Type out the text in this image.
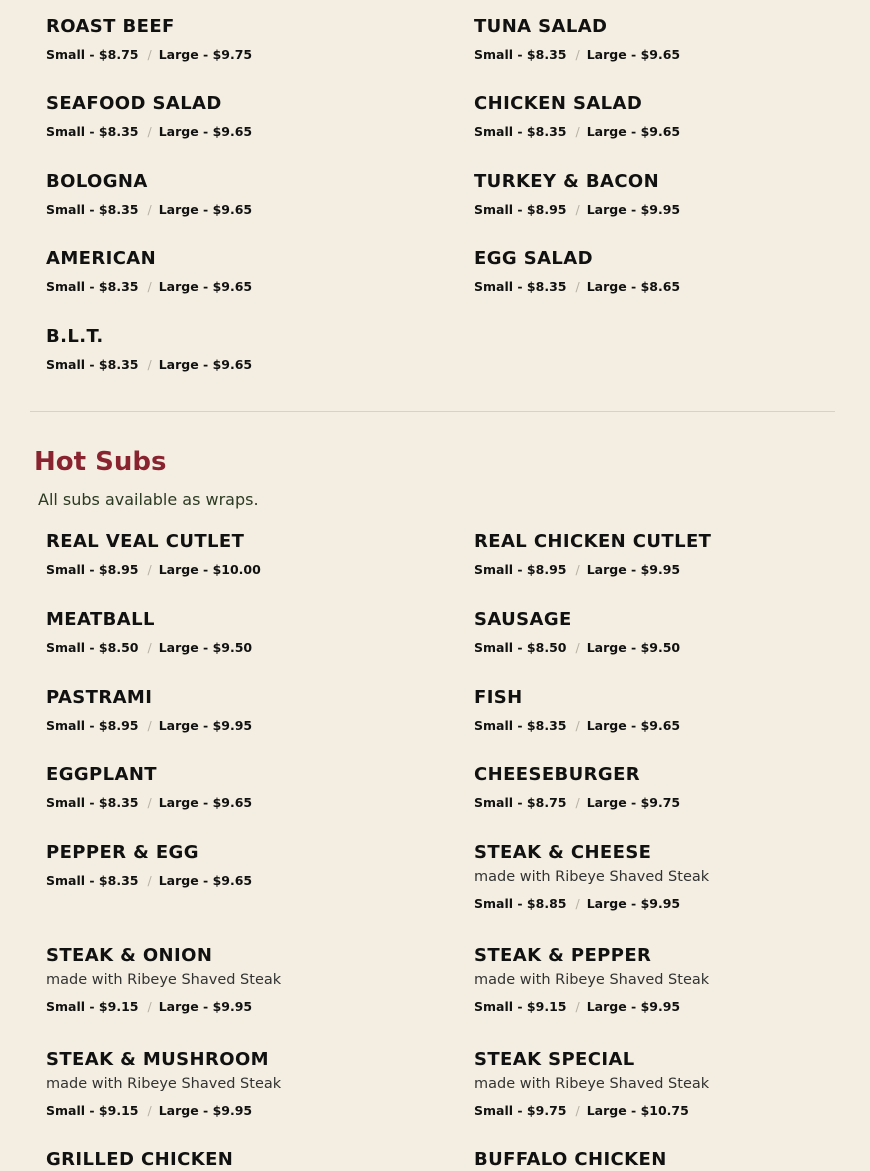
ROAST BEEF
Small - $8.75 / Large - $9.75
TUNA SALAD
Small - $8.35 / Large - $9.65
SEAFOOD SALAD
Small - $8.35 / Large - $9.65
CHICKEN SALAD
Small - $8.35 / Large - $9.65
BOLOGNA
Small - $8.35 / Large - $9.65
TURKEY & BACON
Small - $8.95 / Large - $9.95
AMERICAN
Small - $8.35 / Large - $9.65
EGG SALAD
Small - $8.35 / Large - $8.65
B.L.T.
Small - $8.35 / Large - $9.65
Hot Subs
All subs available as wraps.
REAL VEAL CUTLET
Small - $8.95 / Large - $10.00
REAL CHICKEN CUTLET
Small - $8.95 / Large - $9.95
MEATBALL
Small - $8.50 / Large - $9.50
SAUSAGE
Small - $8.50 / Large - $9.50
PASTRAMI
Small - $8.95 / Large - $9.95
FISH
Small - $8.35 / Large - $9.65
EGGPLANT
Small - $8.35 / Large - $9.65
CHEESEBURGER
Small - $8.75 / Large - $9.75
PEPPER & EGG
Small - $8.35 / Large - $9.65
STEAK & CHEESE
made with Ribeye Shaved Steak
Small - $8.85 / Large - $9.95
STEAK & ONION
made with Ribeye Shaved Steak
Small - $9.15 / Large - $9.95
STEAK & PEPPER
made with Ribeye Shaved Steak
Small - $9.15 / Large - $9.95
STEAK & MUSHROOM
made with Ribeye Shaved Steak
Small - $9.15 / Large - $9.95
STEAK SPECIAL
made with Ribeye Shaved Steak
Small - $9.75 / Large - $10.75
GRILLED CHICKEN	BUFFALO CHICKEN
